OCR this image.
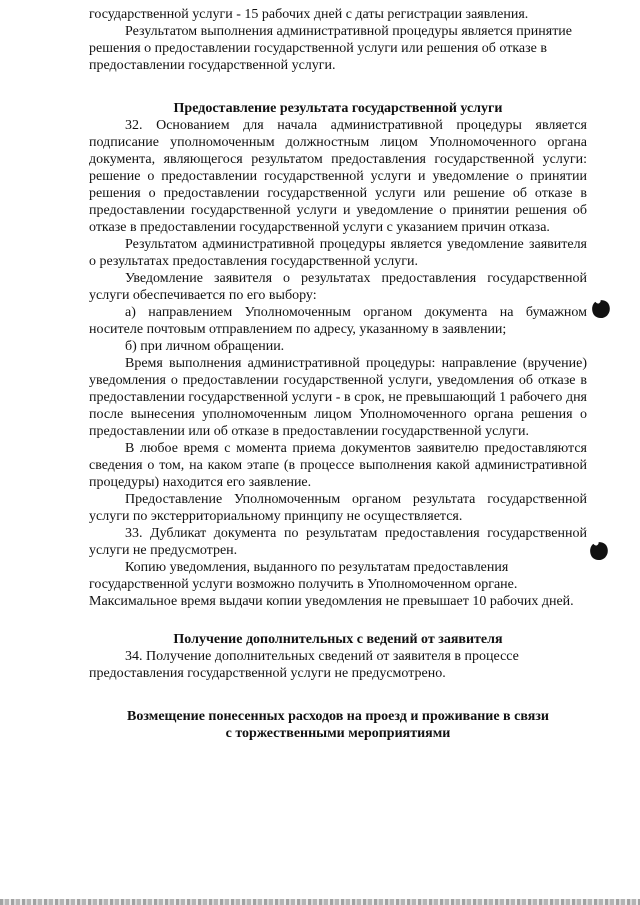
государственной услуги - 15 рабочих дней с даты регистрации заявления.

Результатом выполнения административной процедуры является принятие решения о предоставлении государственной услуги или решения об отказе в предоставлении государственной услуги.

Предоставление результата государственной услуги

32. Основанием для начала административной процедуры является подписание уполномоченным должностным лицом Уполномоченного органа документа, являющегося результатом предоставления государственной услуги: решение о предоставлении государственной услуги и уведомление о принятии решения о предоставлении государственной услуги или решение об отказе в предоставлении государственной услуги и уведомление о принятии решения об отказе в предоставлении государственной услуги с указанием причин отказа.

Результатом административной процедуры является уведомление заявителя о результатах предоставления государственной услуги.

Уведомление заявителя о результатах предоставления государственной услуги обеспечивается по его выбору:

а) направлением Уполномоченным органом документа на бумажном носителе почтовым отправлением по адресу, указанному в заявлении;

б) при личном обращении.

Время выполнения административной процедуры: направление (вручение) уведомления о предоставлении государственной услуги, уведомления об отказе в предоставлении государственной услуги - в срок, не превышающий 1 рабочего дня после вынесения уполномоченным лицом Уполномоченного органа решения о предоставлении или об отказе в предоставлении государственной услуги.

В любое время с момента приема документов заявителю предоставляются сведения о том, на каком этапе (в процессе выполнения какой административной процедуры) находится его заявление.

Предоставление Уполномоченным органом результата государственной услуги по экстерриториальному принципу не осуществляется.

33. Дубликат документа по результатам предоставления государственной услуги не предусмотрен.

Копию уведомления, выданного по результатам предоставления государственной услуги возможно получить в Уполномоченном органе. Максимальное время выдачи копии уведомления не превышает 10 рабочих дней.

Получение дополнительных с ведений от заявителя

34. Получение дополнительных сведений от заявителя в процессе предоставления государственной услуги не предусмотрено.

Возмещение понесенных расходов на проезд и проживание в связи

с торжественными мероприятиями
